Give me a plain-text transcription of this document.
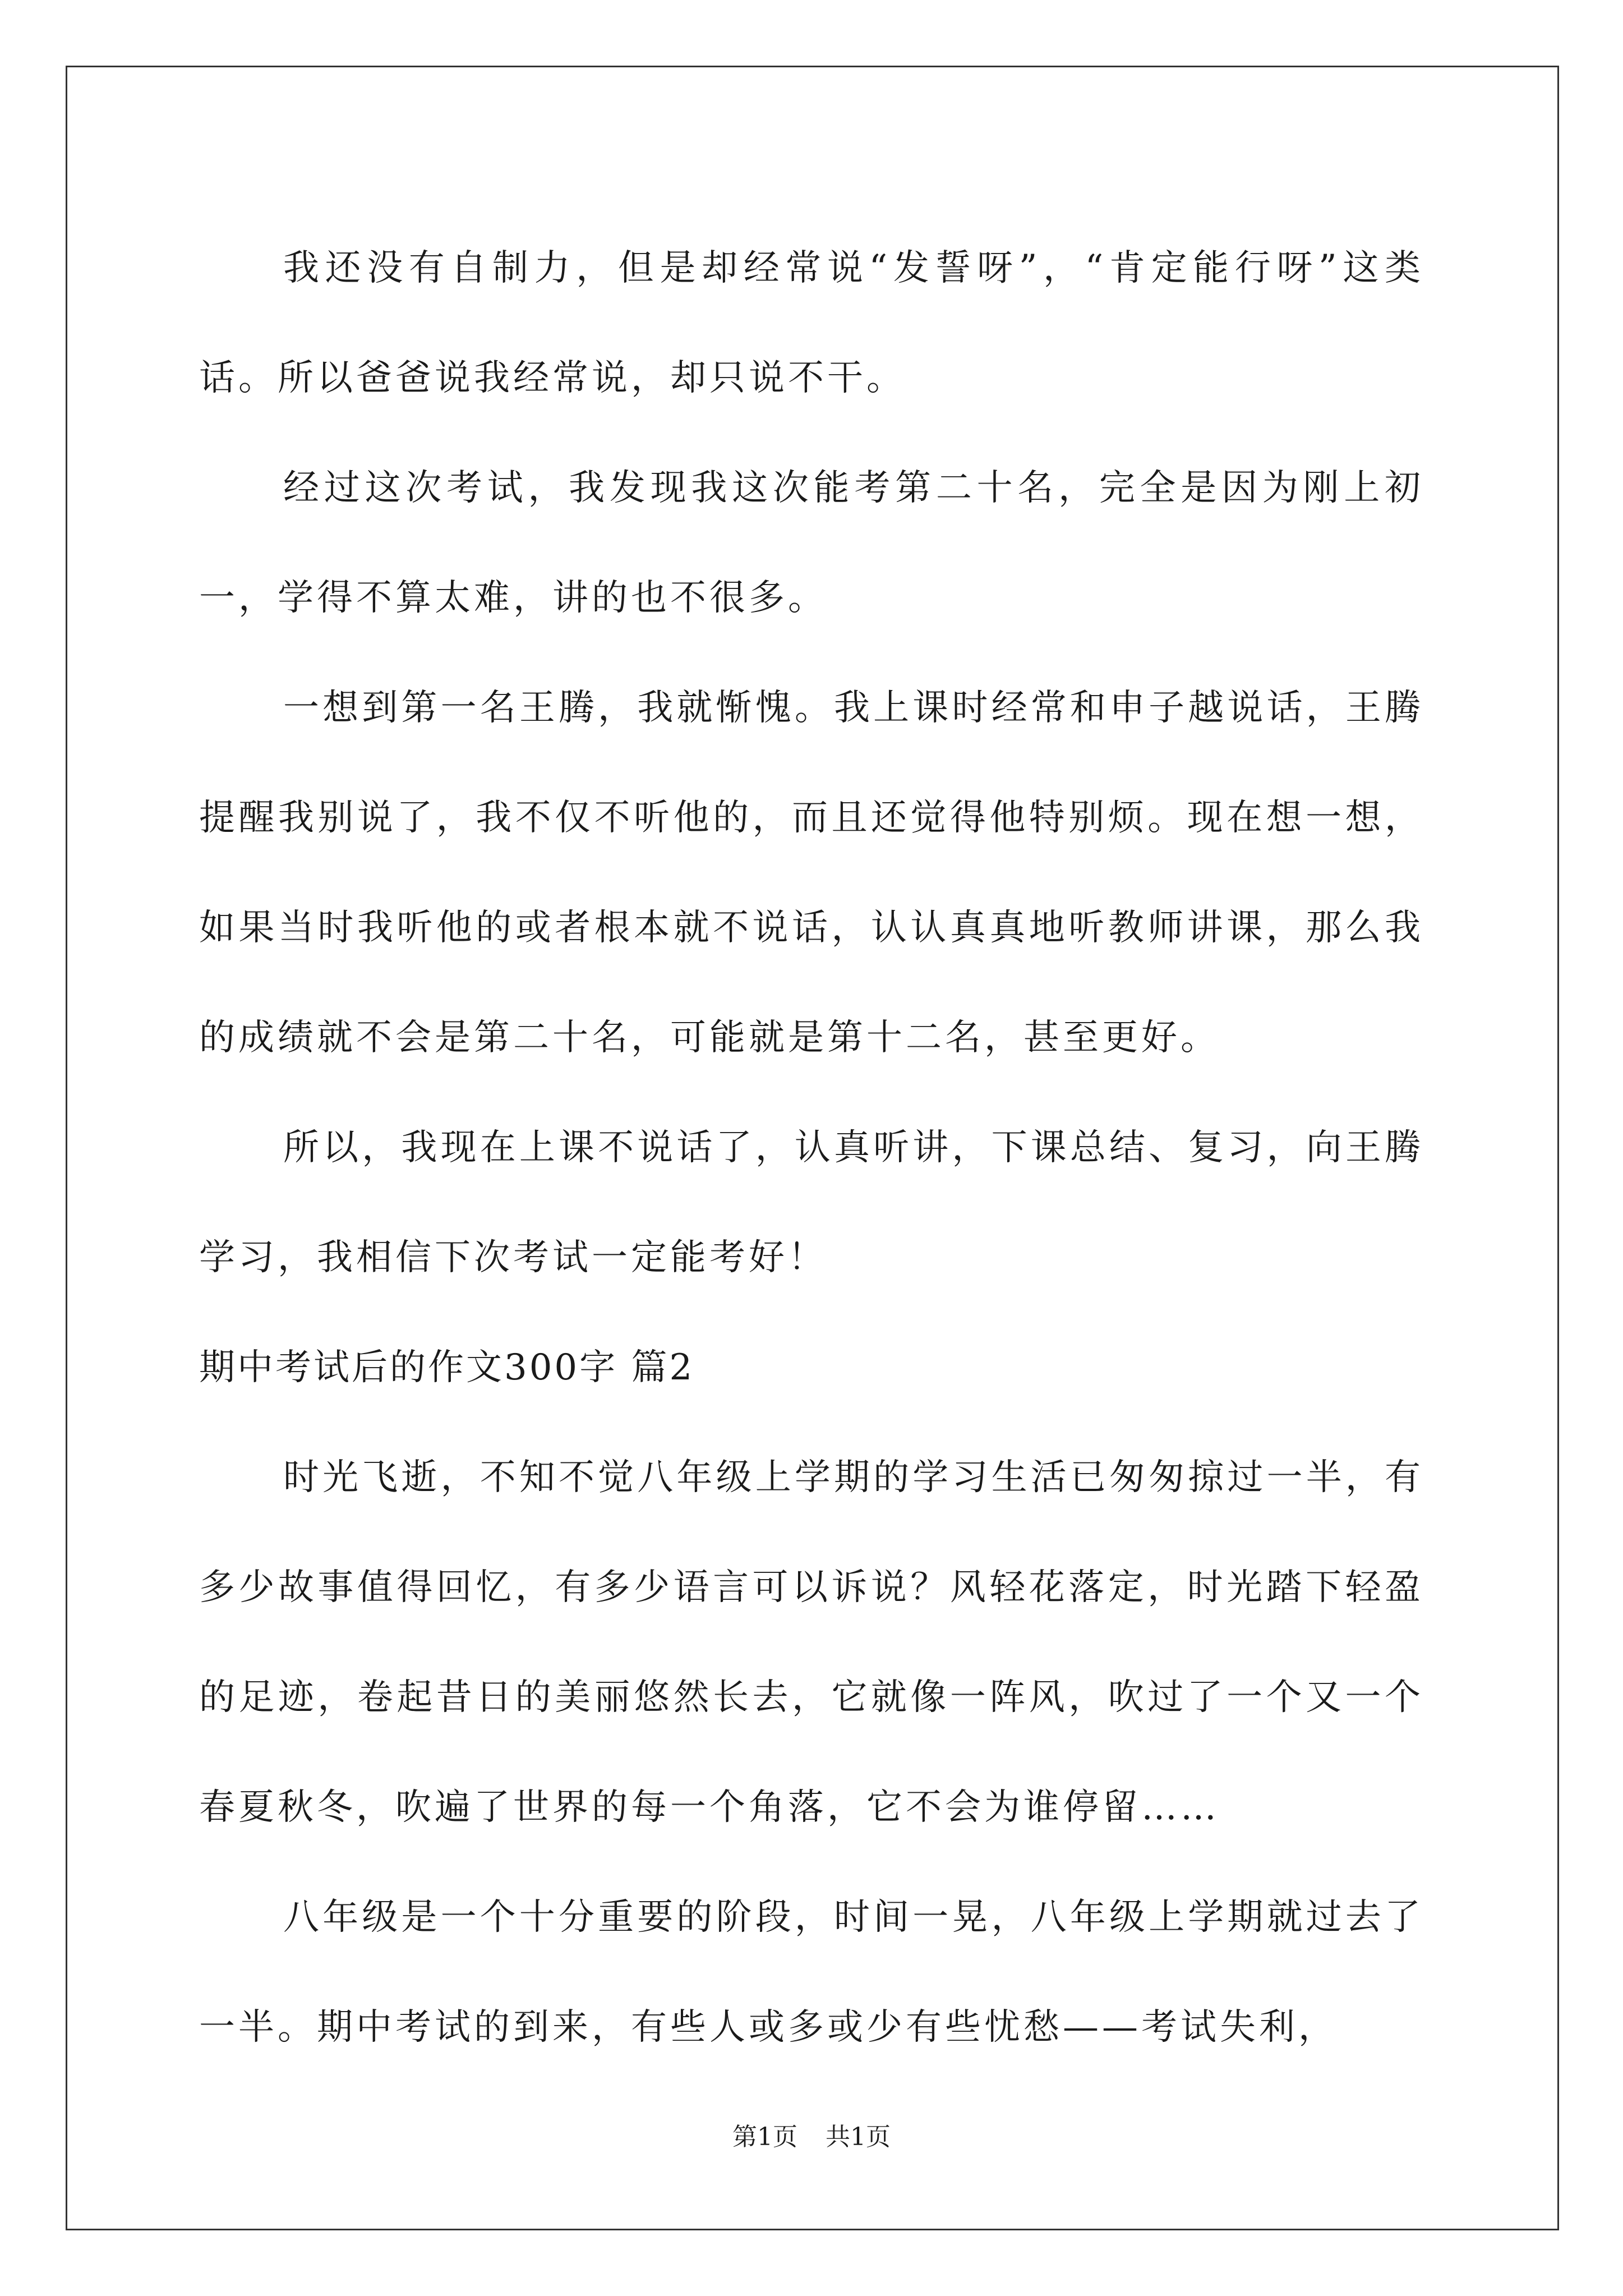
我还没有自制力，但是却经常说“发誓呀”，“肯定能行呀”这类话。所以爸爸说我经常说，却只说不干。

经过这次考试，我发现我这次能考第二十名，完全是因为刚上初一，学得不算太难，讲的也不很多。

一想到第一名王腾，我就惭愧。我上课时经常和申子越说话，王腾提醒我别说了，我不仅不听他的，而且还觉得他特别烦。现在想一想，如果当时我听他的或者根本就不说话，认认真真地听教师讲课，那么我的成绩就不会是第二十名，可能就是第十二名，甚至更好。

所以，我现在上课不说话了，认真听讲，下课总结、复习，向王腾学习，我相信下次考试一定能考好！

期中考试后的作文300字 篇2

时光飞逝，不知不觉八年级上学期的学习生活已匆匆掠过一半，有多少故事值得回忆，有多少语言可以诉说？风轻花落定，时光踏下轻盈的足迹，卷起昔日的美丽悠然长去，它就像一阵风，吹过了一个又一个春夏秋冬，吹遍了世界的每一个角落，它不会为谁停留……

八年级是一个十分重要的阶段，时间一晃，八年级上学期就过去了一半。期中考试的到来，有些人或多或少有些忧愁——考试失利，

第1页 共1页
